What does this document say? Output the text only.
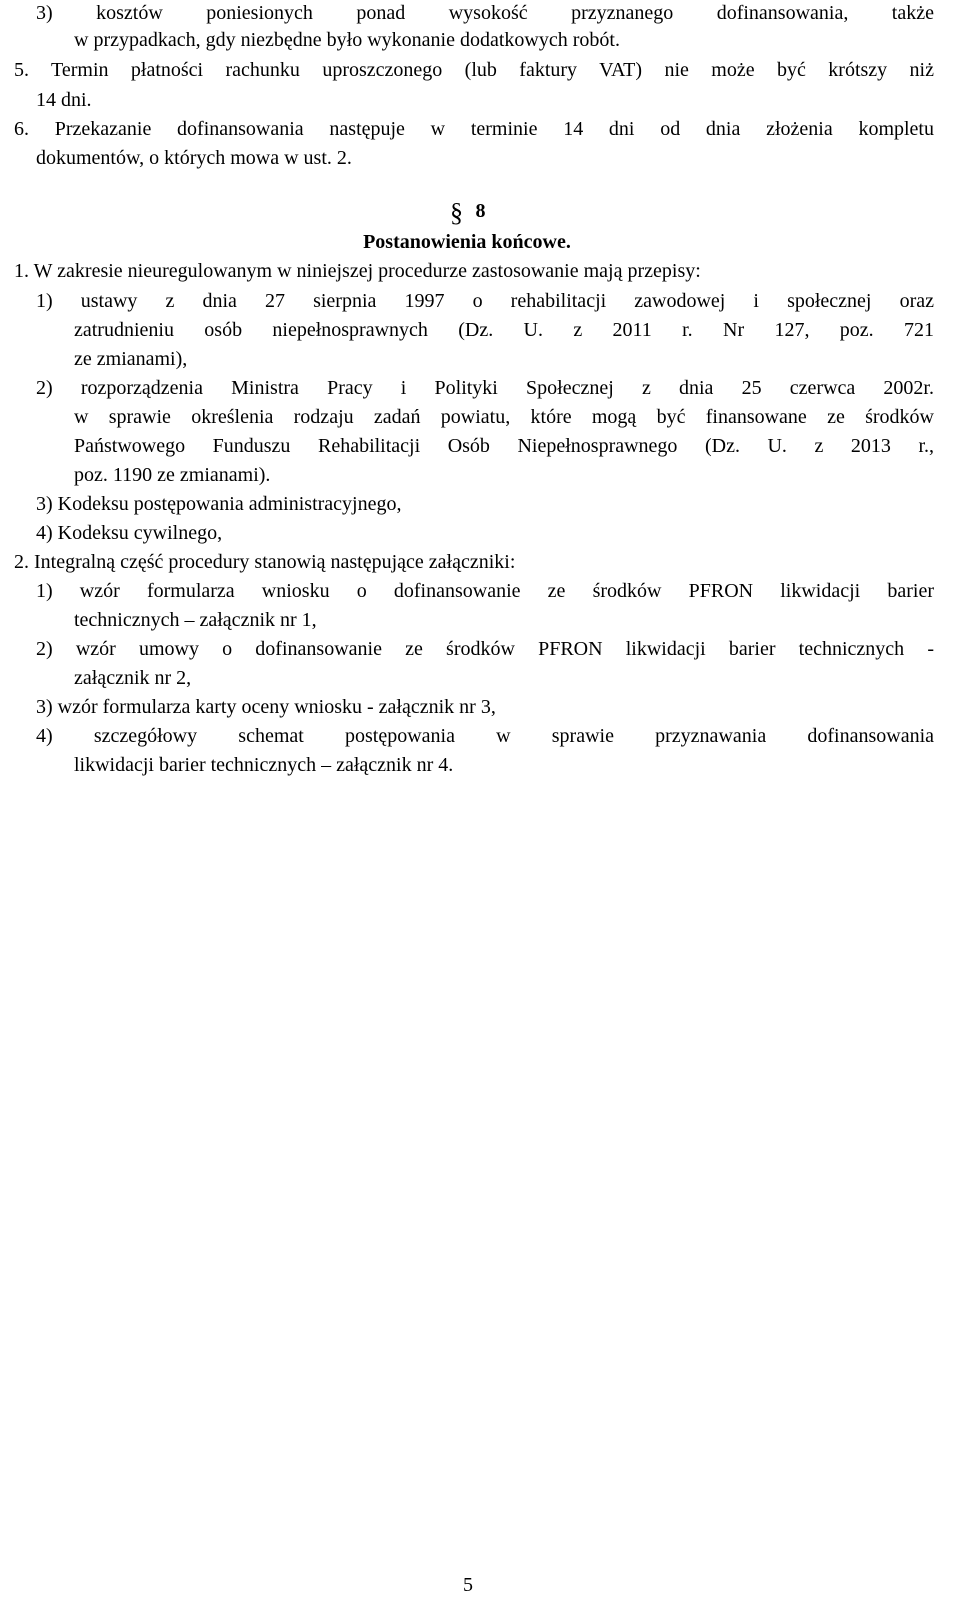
3) kosztów poniesionych ponad wysokość przyznanego dofinansowania, także
w przypadkach, gdy niezbędne było wykonanie dodatkowych robót.
5. Termin płatności rachunku uproszczonego (lub faktury VAT) nie może być krótszy niż
14 dni.
6. Przekazanie dofinansowania następuje w terminie 14 dni od dnia złożenia kompletu
dokumentów, o których mowa w ust. 2.
§ 8
Postanowienia końcowe.
1. W zakresie nieuregulowanym w niniejszej procedurze zastosowanie mają przepisy:
1) ustawy z dnia 27 sierpnia 1997 o rehabilitacji zawodowej i społecznej oraz
zatrudnieniu osób niepełnosprawnych (Dz. U. z 2011 r. Nr 127, poz. 721
ze zmianami),
2) rozporządzenia Ministra Pracy i Polityki Społecznej z dnia 25 czerwca 2002r.
w sprawie określenia rodzaju zadań powiatu, które mogą być finansowane ze środków
Państwowego Funduszu Rehabilitacji Osób Niepełnosprawnego (Dz. U. z 2013 r.,
poz. 1190 ze zmianami).
3) Kodeksu postępowania administracyjnego,
4) Kodeksu cywilnego,
2. Integralną część procedury stanowią następujące załączniki:
1) wzór formularza wniosku o dofinansowanie ze środków PFRON likwidacji barier
technicznych – załącznik nr 1,
2) wzór umowy o dofinansowanie ze środków PFRON likwidacji barier technicznych -
załącznik nr 2,
3) wzór formularza karty oceny wniosku - załącznik nr 3,
4) szczegółowy schemat postępowania w sprawie przyznawania dofinansowania
likwidacji barier technicznych – załącznik nr 4.
5
